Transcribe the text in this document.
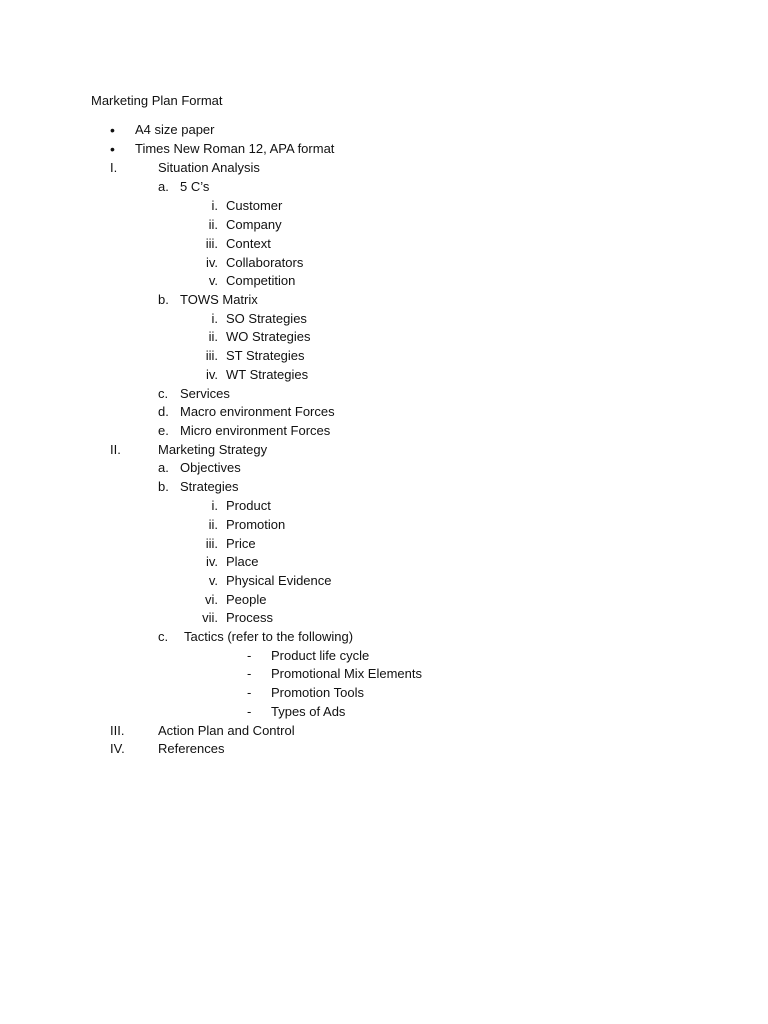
Marketing Plan Format
• A4 size paper
• Times New Roman 12, APA format
I.	Situation Analysis
a. 5 C’s
i. Customer
ii. Company
iii. Context
iv. Collaborators
v. Competition
b. TOWS Matrix
i. SO Strategies
ii. WO Strategies
iii. ST Strategies
iv. WT Strategies
c. Services
d. Macro environment Forces
e. Micro environment Forces
II.	Marketing Strategy
a. Objectives
b. Strategies
i. Product
ii. Promotion
iii. Price
iv. Place
v. Physical Evidence
vi. People
vii. Process
c. Tactics (refer to the following)
- Product life cycle
- Promotional Mix Elements
- Promotion Tools
- Types of Ads
III.	Action Plan and Control
IV.	References
